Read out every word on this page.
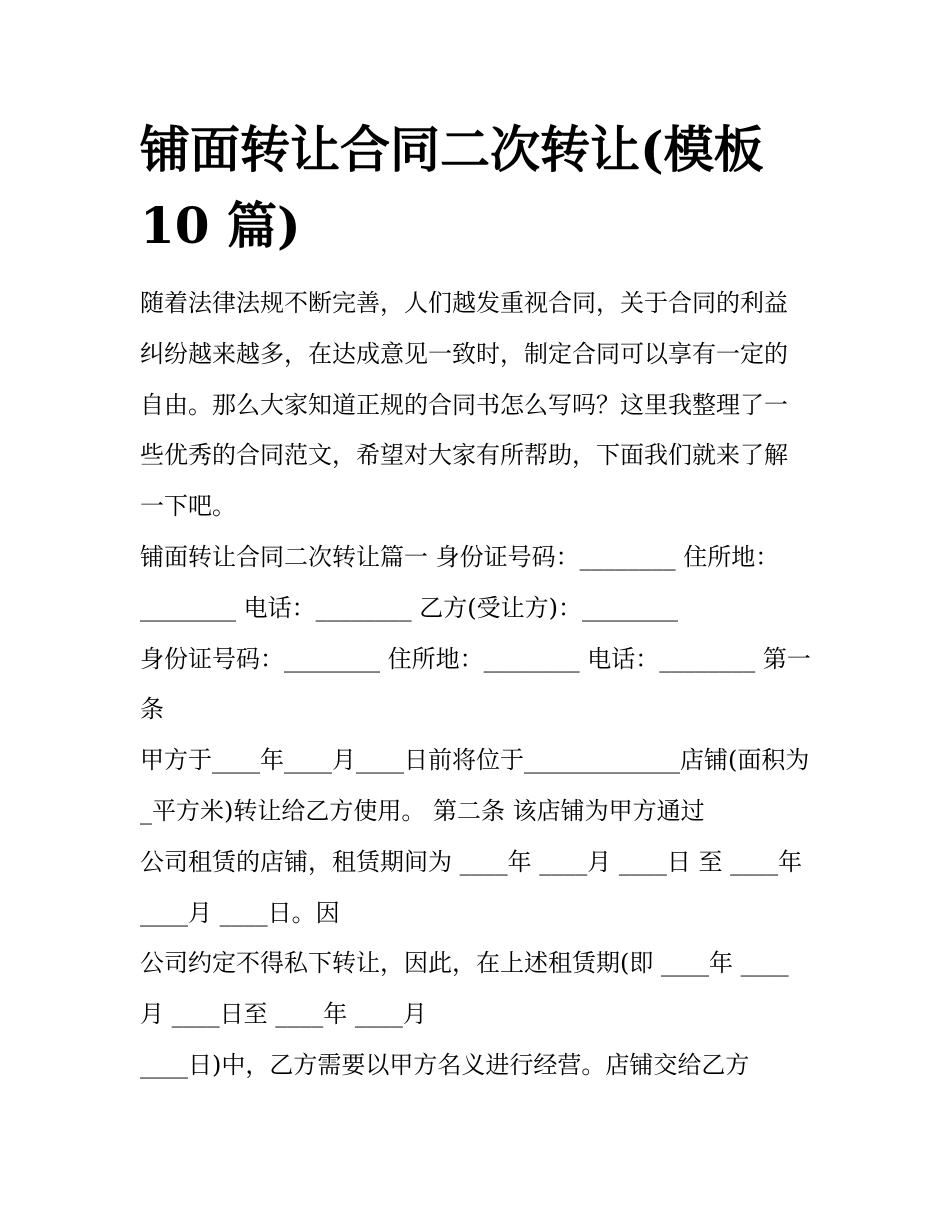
铺面转让合同二次转让(模板
10 篇)
随着法律法规不断完善，人们越发重视合同，关于合同的利益
纠纷越来越多，在达成意见一致时，制定合同可以享有一定的
自由。那么大家知道正规的合同书怎么写吗？这里我整理了一
些优秀的合同范文，希望对大家有所帮助，下面我们就来了解
一下吧。
铺面转让合同二次转让篇一 身份证号码：________ 住所地：
________ 电话：________ 乙方(受让方)：________
身份证号码：________ 住所地：________ 电话：________ 第一
条
甲方于____年____月____日前将位于_____________店铺(面积为
_平方米)转让给乙方使用。 第二条 该店铺为甲方通过
公司租赁的店铺，租赁期间为 ____年 ____月 ____日 至 ____年
____月 ____日。因
公司约定不得私下转让，因此，在上述租赁期(即 ____年 ____
月 ____日至 ____年 ____月
____日)中，乙方需要以甲方名义进行经营。店铺交给乙方
